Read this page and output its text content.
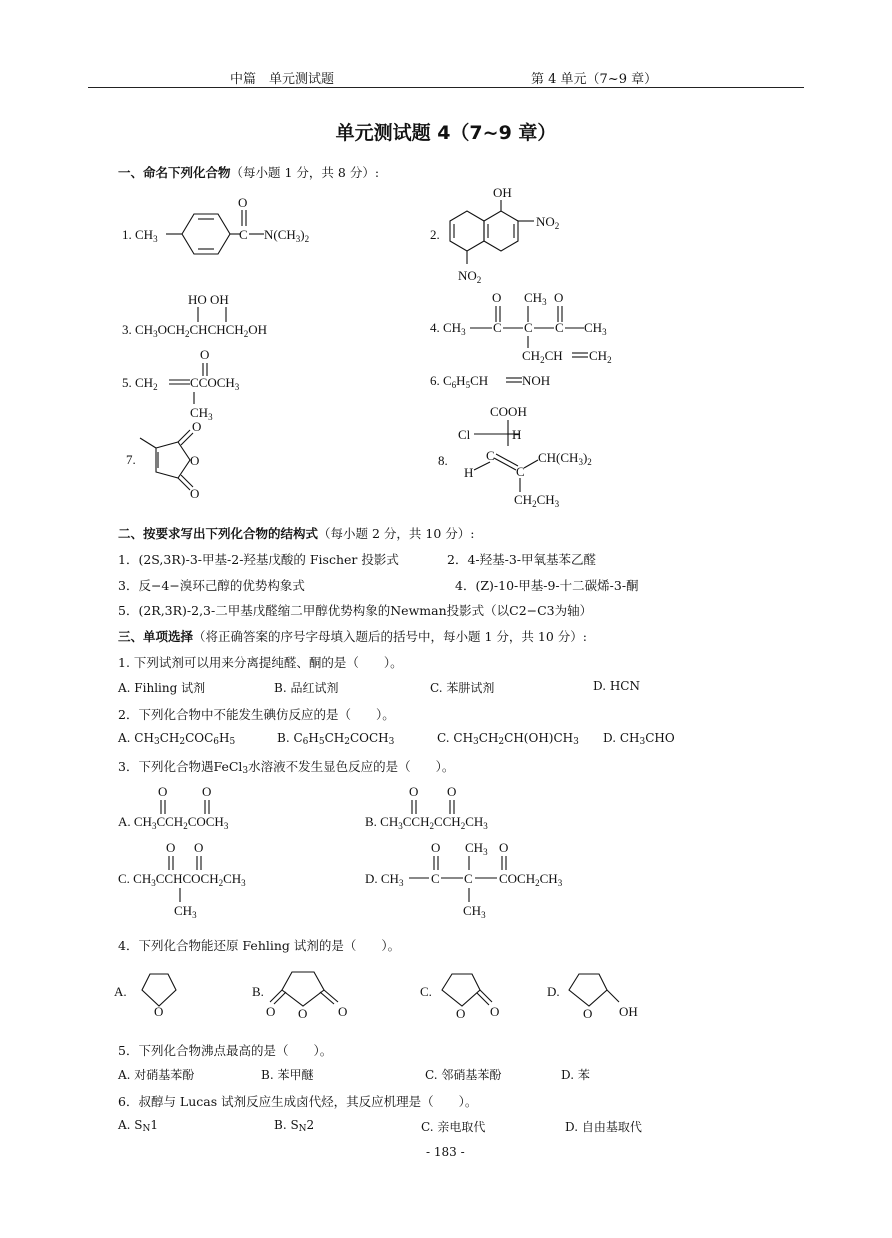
中篇　单元测试题	第 4 单元（7~9 章）
单元测试题 4（7~9 章）
一、命名下列化合物（每小题 1 分，共 8 分）:
1. $CH_3$	C
O
$N(CH_3)_2$	2.
OH
$NO_2$
$NO_2$
HO OH
3. $CH_3OCH_2CHCHCH_2OH$
O $CH_3$ O
4. $CH_3$ C C C $CH_3$
$CH_2CH$ $CH_2$
O
5. $CH_2$ $CCOCH_3$
$CH_3$
6. $C_6H_5CH$	NOH
7.
O
O
O
COOH
Cl	H
8.	C
H	C
$CH(CH_3)_2$
$CH_2CH_3$
二、按要求写出下列化合物的结构式（每小题 2 分，共 10 分）:
1．(2S,3R)-3-甲基-2-羟基戊酸的 Fischer 投影式	2．4-羟基-3-甲氧基苯乙醛
3．反−4−溴环己醇的优势构象式	4．(Z)-10-甲基-9-十二碳烯-3-酮
5．(2R,3R)-2,3-二甲基戊醛缩二甲醇优势构象的Newman投影式（以C2−C3为轴）
三、单项选择（将正确答案的序号字母填入题后的括号中，每小题 1 分，共 10 分）:
1. 下列试剂可以用来分离提纯醛、酮的是（　　）。
A. Fihling 试剂	B. 品红试剂	C. 苯肼试剂	D. HCN
2．下列化合物中不能发生碘仿反应的是（　　）。
A. $CH_3CH_2COC_6H_5$	B. $C_6H_5CH_2COCH_3$	C. $CH_3CH_2CH(OH)CH_3$ D. $CH_3CHO$
3．下列化合物遇FeCl$_3$水溶液不发生显色反应的是（　　）。
O	O
A. $CH_3CCH_2COCH_3$
O O
B. $CH_3CCH_2CCH_2CH_3$
O O
C. $CH_3CCHCOCH_2CH_3$
$CH_3$
O $CH_3$ O
D. $CH_3$ C C $COCH_2CH_3$
$CH_3$
4．下列化合物能还原 Fehling 试剂的是（　　）。
A.
O
B.
O O O
C.
O O
D.
O OH
5．下列化合物沸点最高的是（　　）。
A. 对硝基苯酚	B. 苯甲醚	C. 邻硝基苯酚	D. 苯
6．叔醇与 Lucas 试剂反应生成卤代烃，其反应机理是（　　）。
A. $S_N1$	B. $S_N2$	C. 亲电取代	D. 自由基取代
- 183 -
